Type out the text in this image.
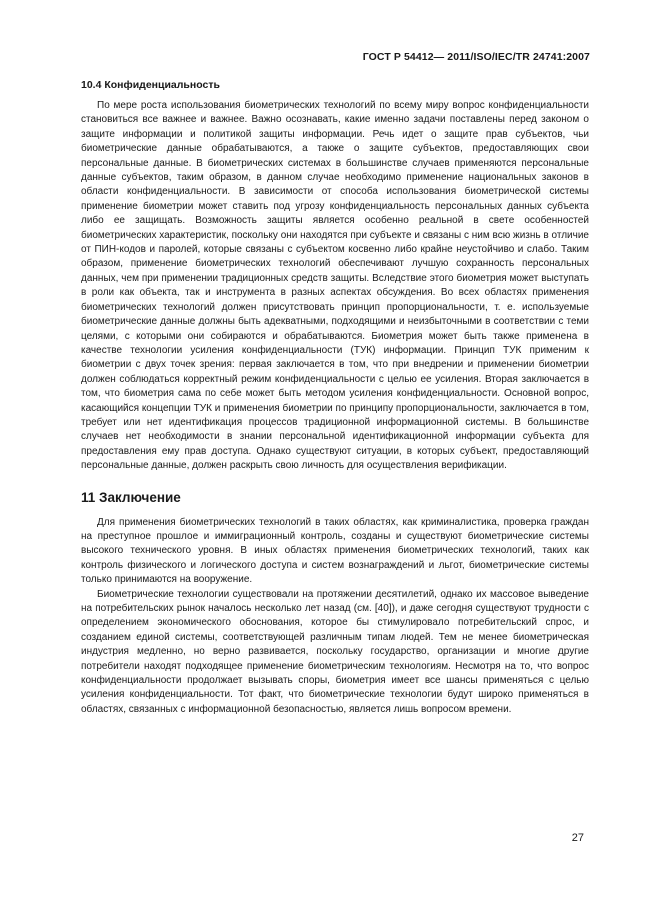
ГОСТ Р 54412— 2011/ISO/IEC/TR 24741:2007
10.4 Конфиденциальность

По мере роста использования биометрических технологий по всему миру вопрос конфиденциальности становиться все важнее и важнее. Важно осознавать, какие именно задачи поставлены перед законом о защите информации и политикой защиты информации. Речь идет о защите прав субъектов, чьи биометрические данные обрабатываются, а также о защите субъектов, предоставляющих свои персональные данные. В биометрических системах в большинстве случаев применяются персональные данные субъектов, таким образом, в данном случае необходимо применение национальных законов в области конфиденциальности. В зависимости от способа использования биометрической системы применение биометрии может ставить под угрозу конфиденциальность персональных данных субъекта либо ее защищать. Возможность защиты является особенно реальной в свете особенностей биометрических характеристик, поскольку они находятся при субъекте и связаны с ним всю жизнь в отличие от ПИН-кодов и паролей, которые связаны с субъектом косвенно либо крайне неустойчиво и слабо. Таким образом, применение биометрических технологий обеспечивают лучшую сохранность персональных данных, чем при применении традиционных средств защиты. Вследствие этого биометрия может выступать в роли как объекта, так и инструмента в разных аспектах обсуждения. Во всех областях применения биометрических технологий должен присутствовать принцип пропорциональности, т. е. используемые биометрические данные должны быть адекватными, подходящими и неизбыточными в соответствии с теми целями, с которыми они собираются и обрабатываются. Биометрия может быть также применена в качестве технологии усиления конфиденциальности (ТУК) информации. Принцип ТУК применим к биометрии с двух точек зрения: первая заключается в том, что при внедрении и применении биометрии должен соблюдаться корректный режим конфиденциальности с целью ее усиления. Вторая заключается в том, что биометрия сама по себе может быть методом усиления конфиденциальности. Основной вопрос, касающийся концепции ТУК и применения биометрии по принципу пропорциональности, заключается в том, требует или нет идентификация процессов традиционной информационной системы. В большинстве случаев нет необходимости в знании персональной идентификационной информации субъекта для предоставления ему прав доступа. Однако существуют ситуации, в которых субъект, предоставляющий персональные данные, должен раскрыть свою личность для осуществления верификации.

11 Заключение

Для применения биометрических технологий в таких областях, как криминалистика, проверка граждан на преступное прошлое и иммиграционный контроль, созданы и существуют биометрические системы высокого технического уровня. В иных областях применения биометрических технологий, таких как контроль физического и логического доступа и систем вознаграждений и льгот, биометрические системы только принимаются на вооружение.

Биометрические технологии существовали на протяжении десятилетий, однако их массовое выведение на потребительских рынок началось несколько лет назад (см. [40]), и даже сегодня существуют трудности с определением экономического обоснования, которое бы стимулировало потребительский спрос, и созданием единой системы, соответствующей различным типам людей. Тем не менее биометрическая индустрия медленно, но верно развивается, поскольку государство, организации и многие другие потребители находят подходящее применение биометрическим технологиям. Несмотря на то, что вопрос конфиденциальности продолжает вызывать споры, биометрия имеет все шансы применяться с целью усиления конфиденциальности. Тот факт, что биометрические технологии будут широко применяться в областях, связанных с информационной безопасностью, является лишь вопросом времени.

27
